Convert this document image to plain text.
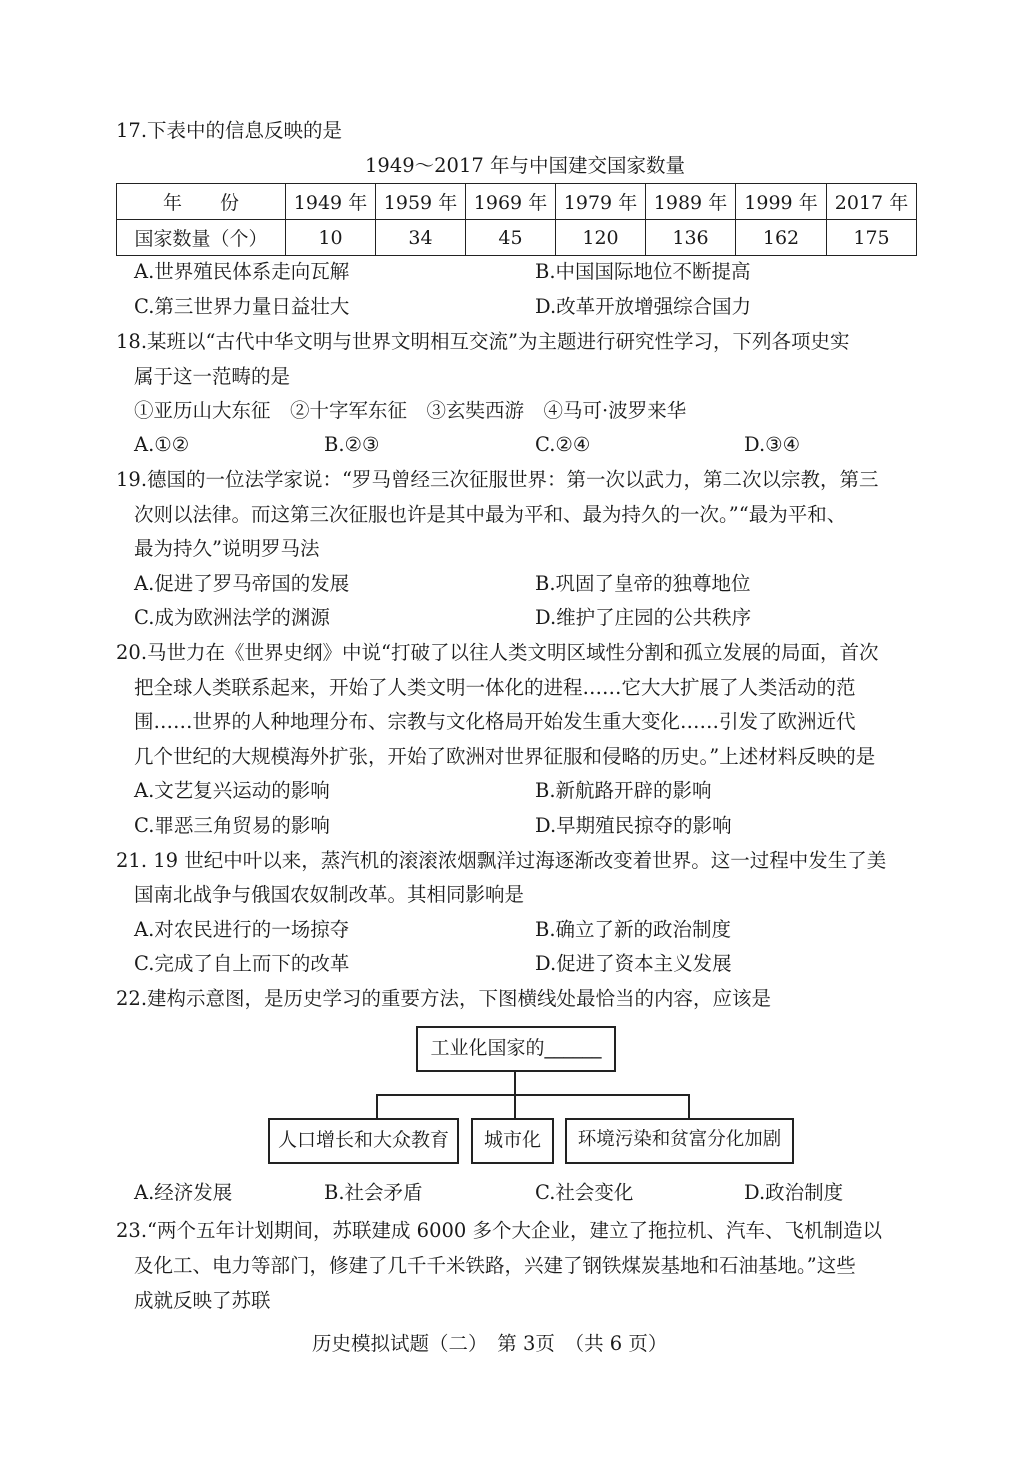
17.下表中的信息反映的是
1949～2017 年与中国建交国家数量
年　　份	1949 年	1959 年	1969 年	1979 年	1989 年	1999 年	2017 年
国家数量（个）	10	34	45	120	136	162	175
A.世界殖民体系走向瓦解	B.中国国际地位不断提高
C.第三世界力量日益壮大	D.改革开放增强综合国力
18.某班以“古代中华文明与世界文明相互交流”为主题进行研究性学习，下列各项史实
属于这一范畴的是
①亚历山大东征　②十字军东征　③玄奘西游　④马可·波罗来华
A.①②	B.②③	C.②④	D.③④
19.德国的一位法学家说：“罗马曾经三次征服世界：第一次以武力，第二次以宗教，第三
次则以法律。而这第三次征服也许是其中最为平和、最为持久的一次。”“最为平和、
最为持久”说明罗马法
A.促进了罗马帝国的发展	B.巩固了皇帝的独尊地位
C.成为欧洲法学的渊源	D.维护了庄园的公共秩序
20.马世力在《世界史纲》中说“打破了以往人类文明区域性分割和孤立发展的局面，首次
把全球人类联系起来，开始了人类文明一体化的进程……它大大扩展了人类活动的范
围……世界的人种地理分布、宗教与文化格局开始发生重大变化……引发了欧洲近代
几个世纪的大规模海外扩张，开始了欧洲对世界征服和侵略的历史。”上述材料反映的是
A.文艺复兴运动的影响	B.新航路开辟的影响
C.罪恶三角贸易的影响	D.早期殖民掠夺的影响
21. 19 世纪中叶以来，蒸汽机的滚滚浓烟飘洋过海逐渐改变着世界。这一过程中发生了美
国南北战争与俄国农奴制改革。其相同影响是
A.对农民进行的一场掠夺	B.确立了新的政治制度
C.完成了自上而下的改革	D.促进了资本主义发展
22.建构示意图，是历史学习的重要方法，下图横线处最恰当的内容，应该是
工业化国家的______
人口增长和大众教育	城市化	环境污染和贫富分化加剧
A.经济发展	B.社会矛盾	C.社会变化	D.政治制度
23.“两个五年计划期间，苏联建成 6000 多个大企业，建立了拖拉机、汽车、飞机制造以
及化工、电力等部门，修建了几千千米铁路，兴建了钢铁煤炭基地和石油基地。”这些
成就反映了苏联
历史模拟试题（二）　第 3页　（共 6 页）
